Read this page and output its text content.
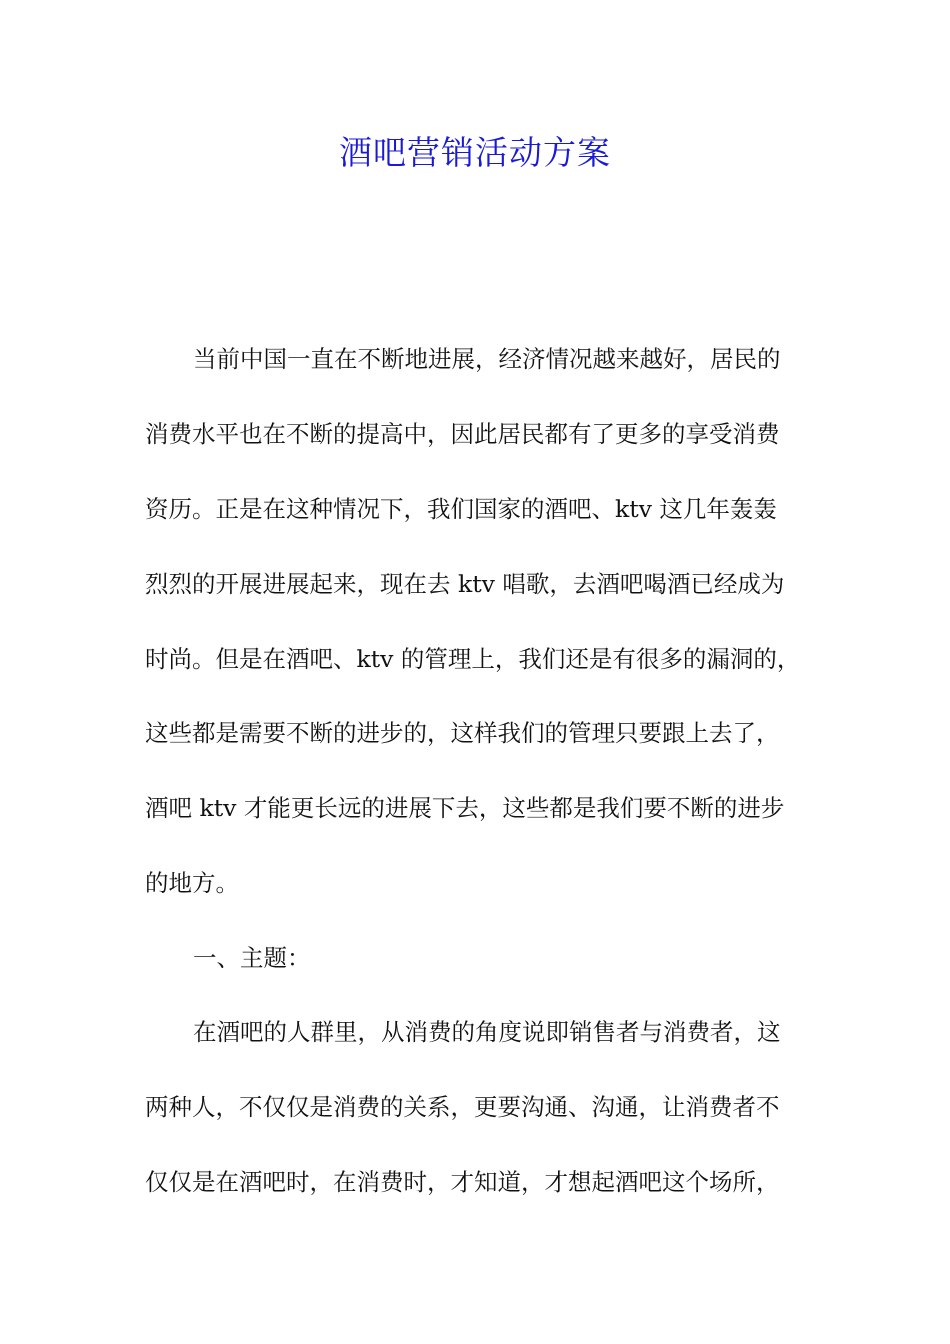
酒吧营销活动方案

当前中国一直在不断地进展，经济情况越来越好，居民的

消费水平也在不断的提高中，因此居民都有了更多的享受消费

资历。正是在这种情况下，我们国家的酒吧、ktv 这几年轰轰

烈烈的开展进展起来，现在去 ktv 唱歌，去酒吧喝酒已经成为

时尚。但是在酒吧、ktv 的管理上，我们还是有很多的漏洞的，

这些都是需要不断的进步的，这样我们的管理只要跟上去了，

酒吧 ktv 才能更长远的进展下去，这些都是我们要不断的进步

的地方。

一、主题：

在酒吧的人群里，从消费的角度说即销售者与消费者，这

两种人，不仅仅是消费的关系，更要沟通、沟通，让消费者不

仅仅是在酒吧时，在消费时，才知道，才想起酒吧这个场所，
